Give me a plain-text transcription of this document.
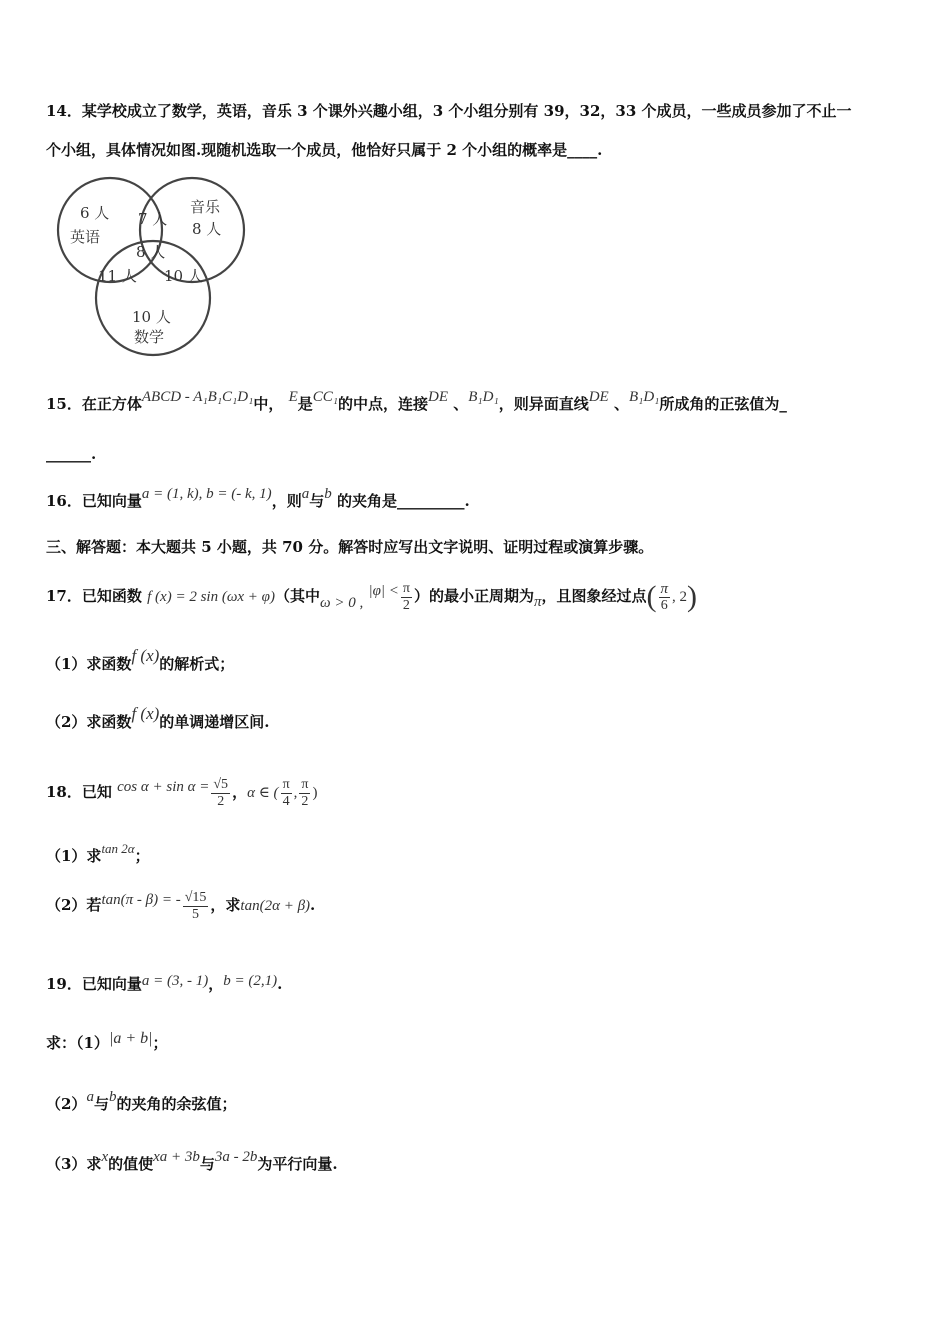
14．某学校成立了数学，英语，音乐 3 个课外兴趣小组，3 个小组分别有 39，32，33 个成员，一些成员参加了不止一
个小组，具体情况如图.现随机选取一个成员，他恰好只属于 2 个小组的概率是____.
6 人
英语
音乐
8 人
7 人
8 人
11 人 10 人
10 人
数学
15．在正方体ABCD - A₁B₁C₁D₁中， E是CC₁的中点，连接DE 、B₁D₁，则异面直线DE 、B₁D₁所成角的正弦值为_
______.
16．已知向量a = (1, k), b = (- k, 1)，则a与b 的夹角是_________.
三、解答题：本大题共 5 小题，共 70 分。解答时应写出文字说明、证明过程或演算步骤。
17．已知函数 f (x) = 2 sin (ωx + φ)（其中ω > 0 , $|\varphi| < \frac{\pi}{2}$ ）的最小正周期为π，且图象经过点( $\frac{\pi}{6}$ , 2)
（1）求函数f (x)的解析式；
（2）求函数f (x)的单调递增区间.
18．已知 $\cos \alpha + \sin \alpha = \frac{√5}{2}$ ，α ∈ ( $\frac{\pi}{4}$ , $\frac{\pi}{2}$ )
（1）求tan 2α；
（2）若tan(π - β) = - $\frac{√15}{5}$ ，求tan(2α + β).
19．已知向量a = (3, - 1)，b = (2,1).
求：（1）|a + b|；
（2）a与b的夹角的余弦值；
（3）求x的值使xa + 3b与3a - 2b为平行向量.
